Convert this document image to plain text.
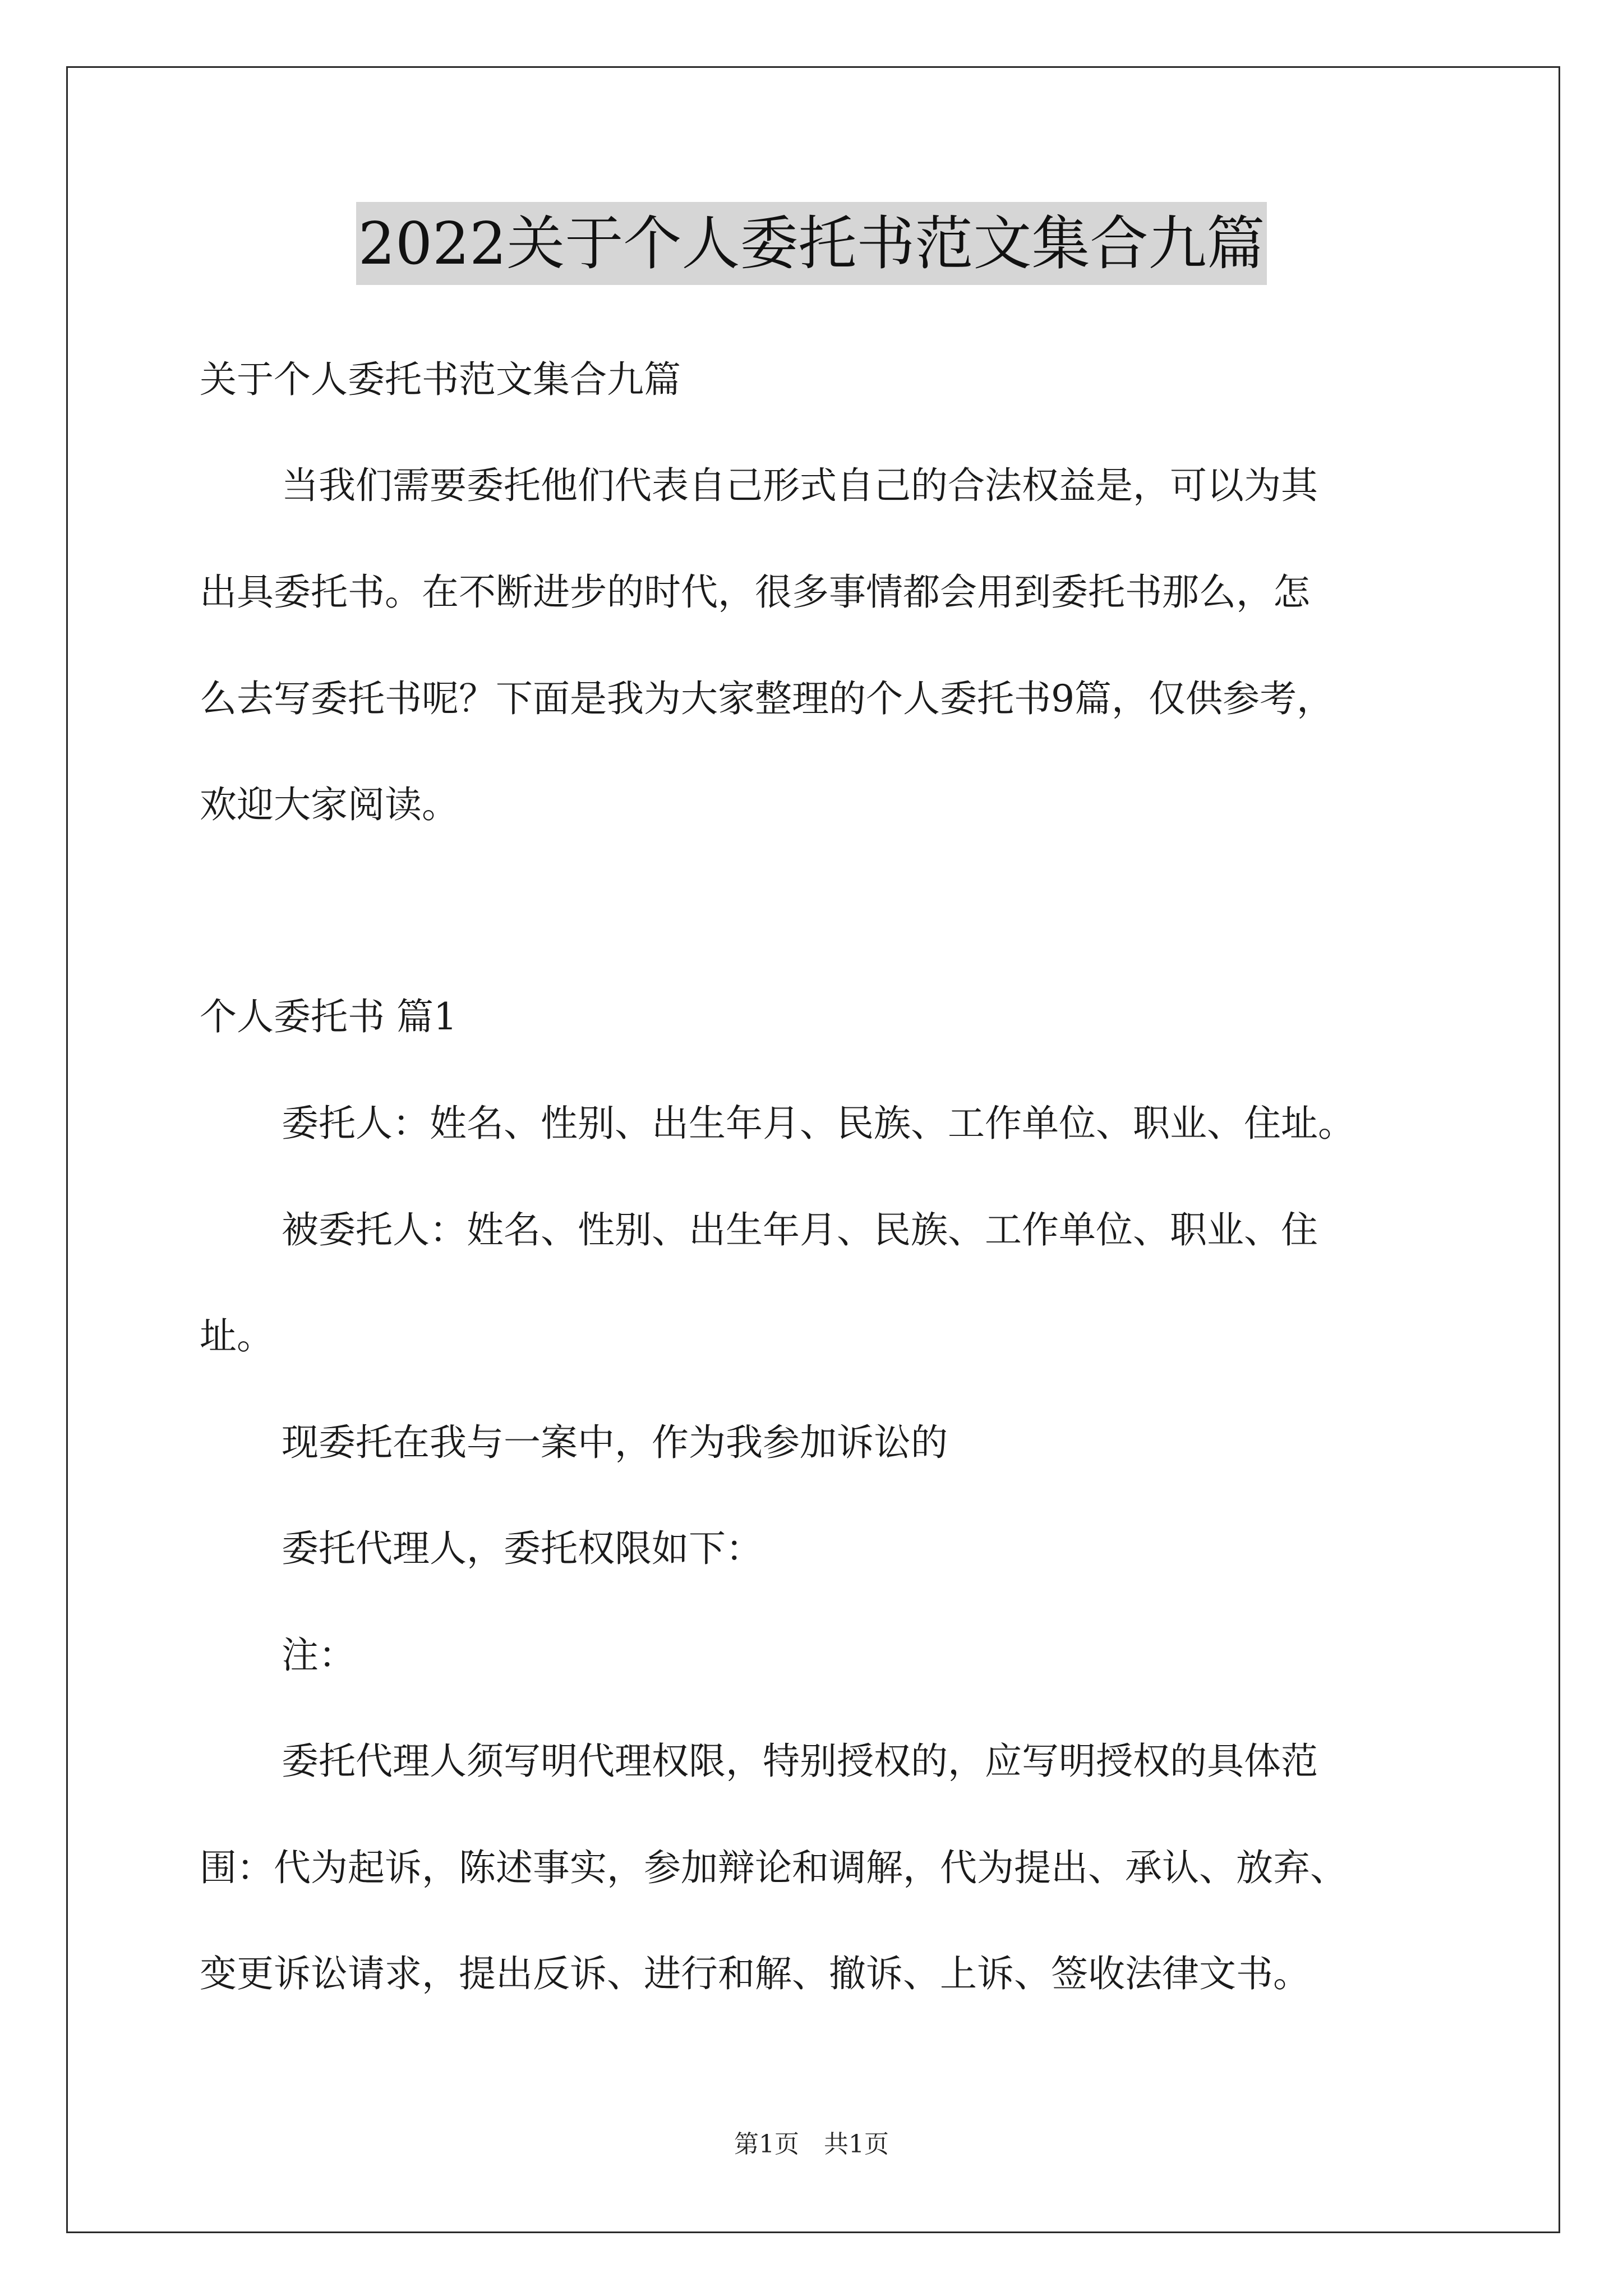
2022关于个人委托书范文集合九篇
关于个人委托书范文集合九篇
当我们需要委托他们代表自己形式自己的合法权益是，可以为其
出具委托书。在不断进步的时代，很多事情都会用到委托书那么，怎
么去写委托书呢？下面是我为大家整理的个人委托书9篇，仅供参考，
欢迎大家阅读。
个人委托书 篇1
委托人：姓名、性别、出生年月、民族、工作单位、职业、住址。
被委托人：姓名、性别、出生年月、民族、工作单位、职业、住
址。
现委托在我与一案中，作为我参加诉讼的
委托代理人，委托权限如下：
注：
委托代理人须写明代理权限，特别授权的，应写明授权的具体范
围：代为起诉，陈述事实，参加辩论和调解，代为提出、承认、放弃、
变更诉讼请求，提出反诉、进行和解、撤诉、上诉、签收法律文书。
第1页　共1页
